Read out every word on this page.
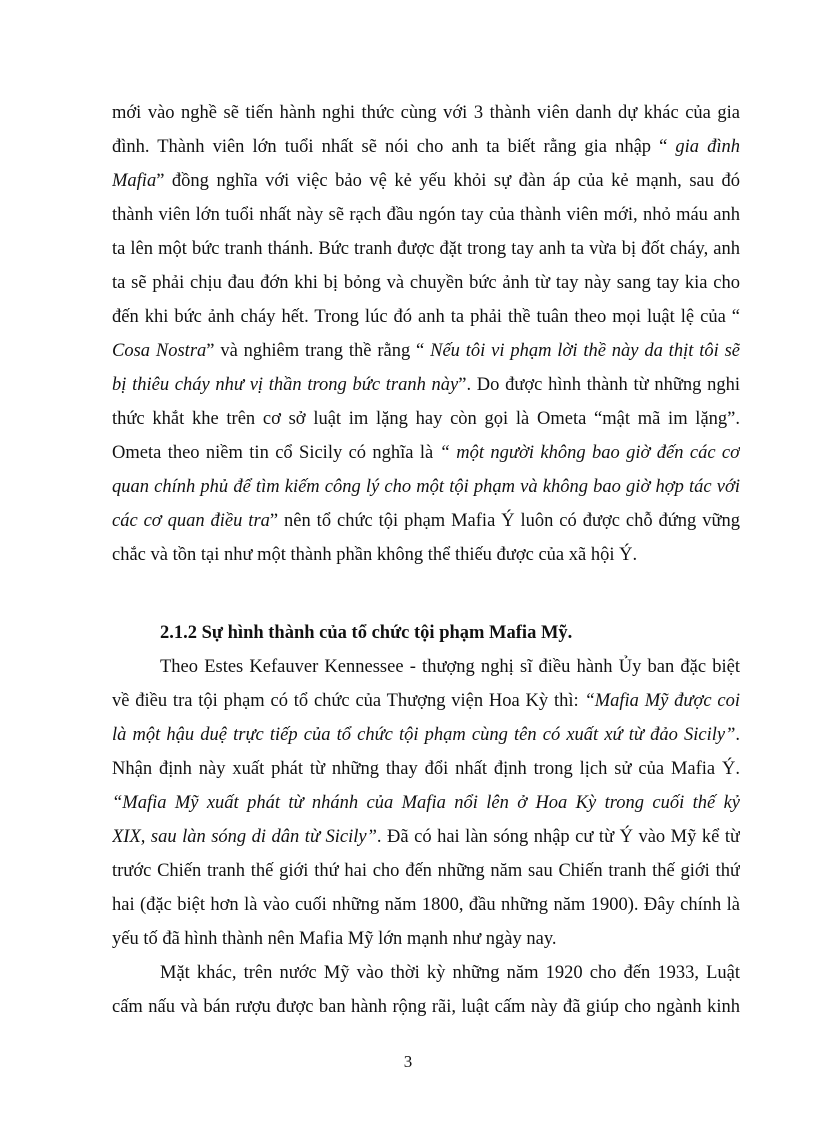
mới vào nghề sẽ tiến hành nghi thức cùng với 3 thành viên danh dự khác của gia
đình. Thành viên lớn tuổi nhất sẽ nói cho anh ta biết rằng gia nhập “ gia đình
Mafia” đồng nghĩa với việc bảo vệ kẻ yếu khỏi sự đàn áp của kẻ mạnh, sau đó
thành viên lớn tuổi nhất này sẽ rạch đầu ngón tay của thành viên mới, nhỏ máu anh
ta lên một bức tranh thánh. Bức tranh được đặt trong tay anh ta vừa bị đốt cháy, anh
ta sẽ phải chịu đau đớn khi bị bỏng và chuyền bức ảnh từ tay này sang tay kia cho
đến khi bức ảnh cháy hết. Trong lúc đó anh ta phải thề tuân theo mọi luật lệ của “
Cosa Nostra” và nghiêm trang thề rằng “ Nếu tôi vi phạm lời thề này da thịt tôi sẽ
bị thiêu cháy như vị thần trong bức tranh này”. Do được hình thành từ những nghi
thức khắt khe trên cơ sở luật im lặng hay còn gọi là Ometa “mật mã im lặng”.
Ometa theo niềm tin cổ Sicily có nghĩa là “ một người không bao giờ đến các cơ
quan chính phủ để tìm kiếm công lý cho một tội phạm và không bao giờ hợp tác với
các cơ quan điều tra” nên tổ chức tội phạm Mafia Ý luôn có được chỗ đứng vững
chắc và tồn tại như một thành phần không thể thiếu được của xã hội Ý.
2.1.2 Sự hình thành của tổ chức tội phạm Mafia Mỹ.
Theo Estes Kefauver Kennessee - thượng nghị sĩ điều hành Ủy ban đặc biệt
về điều tra tội phạm có tổ chức của Thượng viện Hoa Kỳ thì: “Mafia Mỹ được coi
là một hậu duệ trực tiếp của tổ chức tội phạm cùng tên có xuất xứ từ đảo Sicily”.
Nhận định này xuất phát từ những thay đổi nhất định trong lịch sử của Mafia Ý.
“Mafia Mỹ xuất phát từ nhánh của Mafia nổi lên ở Hoa Kỳ trong cuối thế kỷ
XIX, sau làn sóng di dân từ Sicily”. Đã có hai làn sóng nhập cư từ Ý vào Mỹ kể từ
trước Chiến tranh thế giới thứ hai cho đến những năm sau Chiến tranh thế giới thứ
hai (đặc biệt hơn là vào cuối những năm 1800, đầu những năm 1900). Đây chính là
yếu tố đã hình thành nên Mafia Mỹ lớn mạnh như ngày nay.
Mặt khác, trên nước Mỹ vào thời kỳ những năm 1920 cho đến 1933, Luật
cấm nấu và bán rượu được ban hành rộng rãi, luật cấm này đã giúp cho ngành kinh
3
